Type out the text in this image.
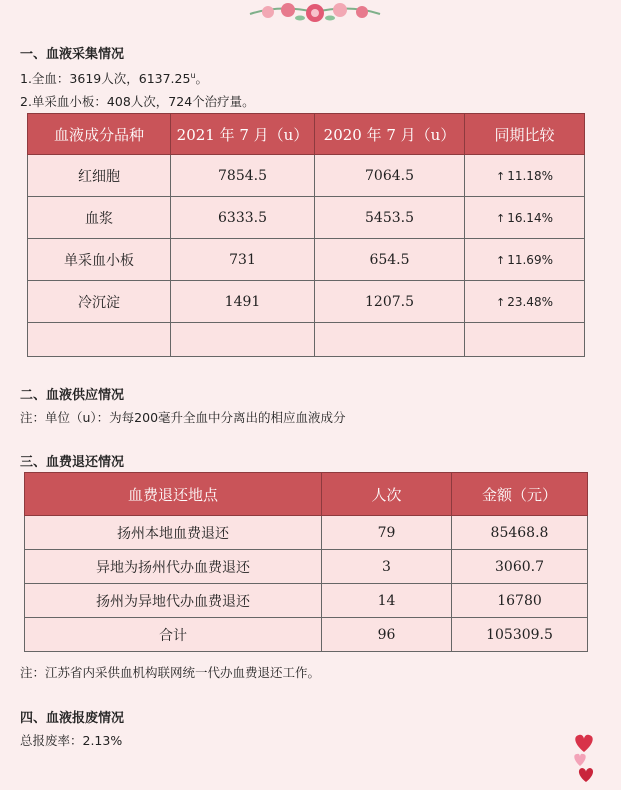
一、血液采集情况
1.全血：3619人次，6137.25$^u$。
2.单采血小板：408人次，724个治疗量。
血液成分品种	2021 年 7 月（u）	2020 年 7 月（u）	同期比较
红细胞	7854.5	7064.5	↑ 11.18%
血浆	6333.5	5453.5	↑ 16.14%
单采血小板	731	654.5	↑ 11.69%
冷沉淀	1491	1207.5	↑ 23.48%

二、血液供应情况
注：单位（u）：为每200毫升全血中分离出的相应血液成分
三、血费退还情况
血费退还地点	人次	金额（元）
扬州本地血费退还	79	85468.8
异地为扬州代办血费退还	3	3060.7
扬州为异地代办血费退还	14	16780
合计	96	105309.5
注：江苏省内采供血机构联网统一代办血费退还工作。
四、血液报废情况
总报废率：2.13%
